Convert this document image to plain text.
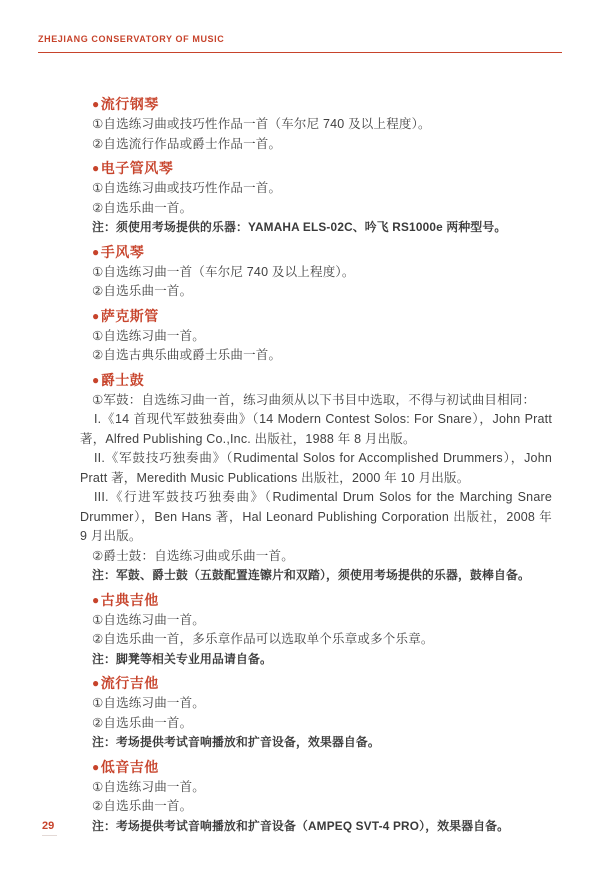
ZHEJIANG CONSERVATORY OF MUSIC
●流行钢琴
①自选练习曲或技巧性作品一首（车尔尼 740 及以上程度）。
②自选流行作品或爵士作品一首。
●电子管风琴
①自选练习曲或技巧性作品一首。
②自选乐曲一首。
注：须使用考场提供的乐器：YAMAHA ELS-02C、吟飞 RS1000e 两种型号。
●手风琴
①自选练习曲一首（车尔尼 740 及以上程度）。
②自选乐曲一首。
●萨克斯管
①自选练习曲一首。
②自选古典乐曲或爵士乐曲一首。
●爵士鼓
①军鼓：自选练习曲一首，练习曲须从以下书目中选取，不得与初试曲目相同：
I.《14 首现代军鼓独奏曲》（14 Modern Contest Solos: For Snare），John Pratt 著，Alfred Publishing Co.,Inc. 出版社，1988 年 8 月出版。
II.《军鼓技巧独奏曲》（Rudimental Solos for Accomplished Drummers），John Pratt 著，Meredith Music Publications 出版社，2000 年 10 月出版。
III.《行进军鼓技巧独奏曲》（Rudimental Drum Solos for the Marching Snare Drummer），Ben Hans 著，Hal Leonard Publishing Corporation 出版社，2008 年 9 月出版。
②爵士鼓：自选练习曲或乐曲一首。
注：军鼓、爵士鼓（五鼓配置连镲片和双踏），须使用考场提供的乐器，鼓棒自备。
●古典吉他
①自选练习曲一首。
②自选乐曲一首，多乐章作品可以选取单个乐章或多个乐章。
注：脚凳等相关专业用品请自备。
●流行吉他
①自选练习曲一首。
②自选乐曲一首。
注：考场提供考试音响播放和扩音设备，效果器自备。
●低音吉他
①自选练习曲一首。
②自选乐曲一首。
注：考场提供考试音响播放和扩音设备（AMPEQ SVT-4 PRO），效果器自备。
29
